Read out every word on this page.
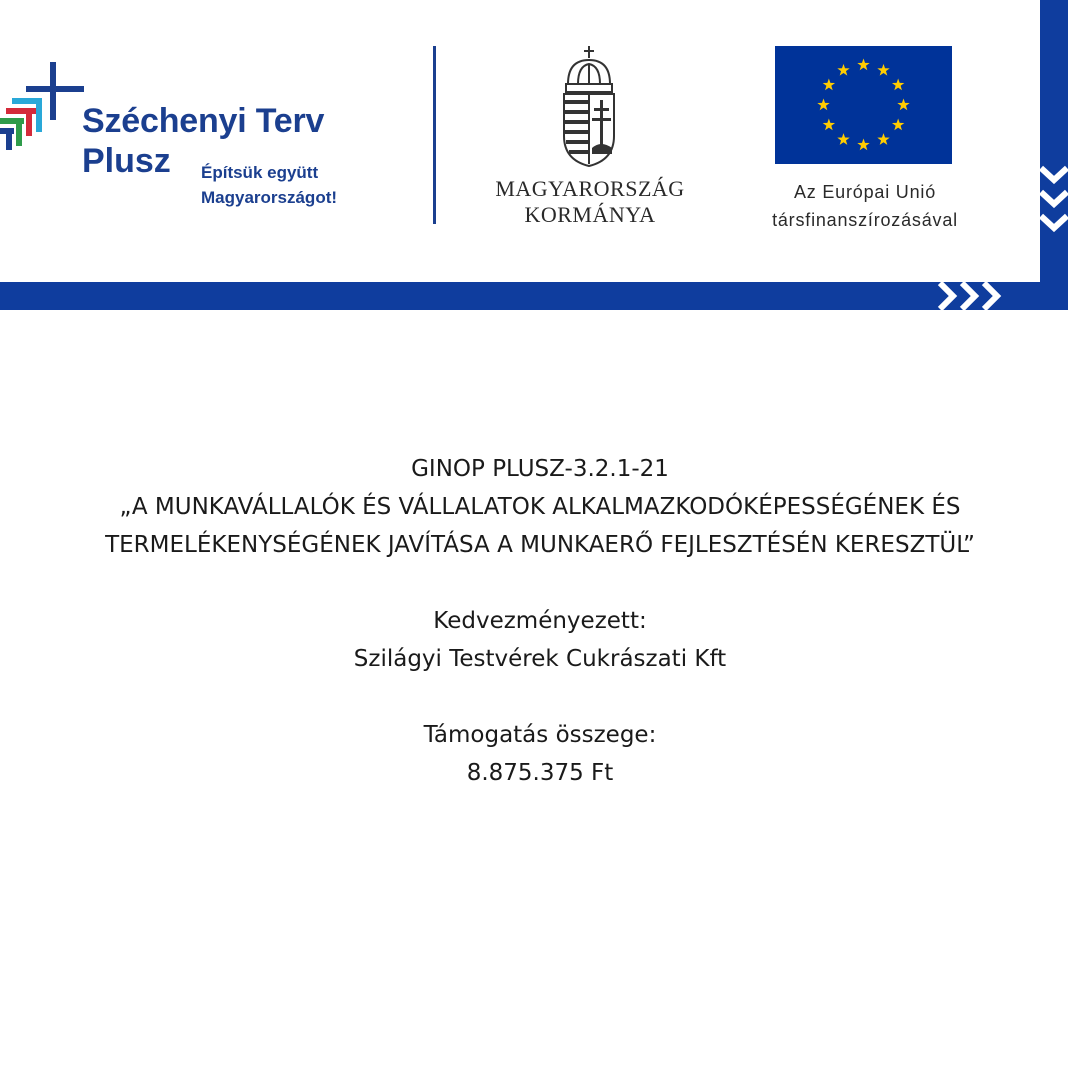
Széchenyi Terv
Plusz Építsük együtt
Magyarországot!	MAGYARORSZÁG
KORMÁNYA
Az Európai Unió
társfinanszírozásával
GINOP PLUSZ-3.2.1-21
„A MUNKAVÁLLALÓK ÉS VÁLLALATOK ALKALMAZKODÓKÉPESSÉGÉNEK ÉS
TERMELÉKENYSÉGÉNEK JAVÍTÁSA A MUNKAERŐ FEJLESZTÉSÉN KERESZTÜL”
Kedvezményezett:
Szilágyi Testvérek Cukrászati Kft
Támogatás összege:
8.875.375 Ft
